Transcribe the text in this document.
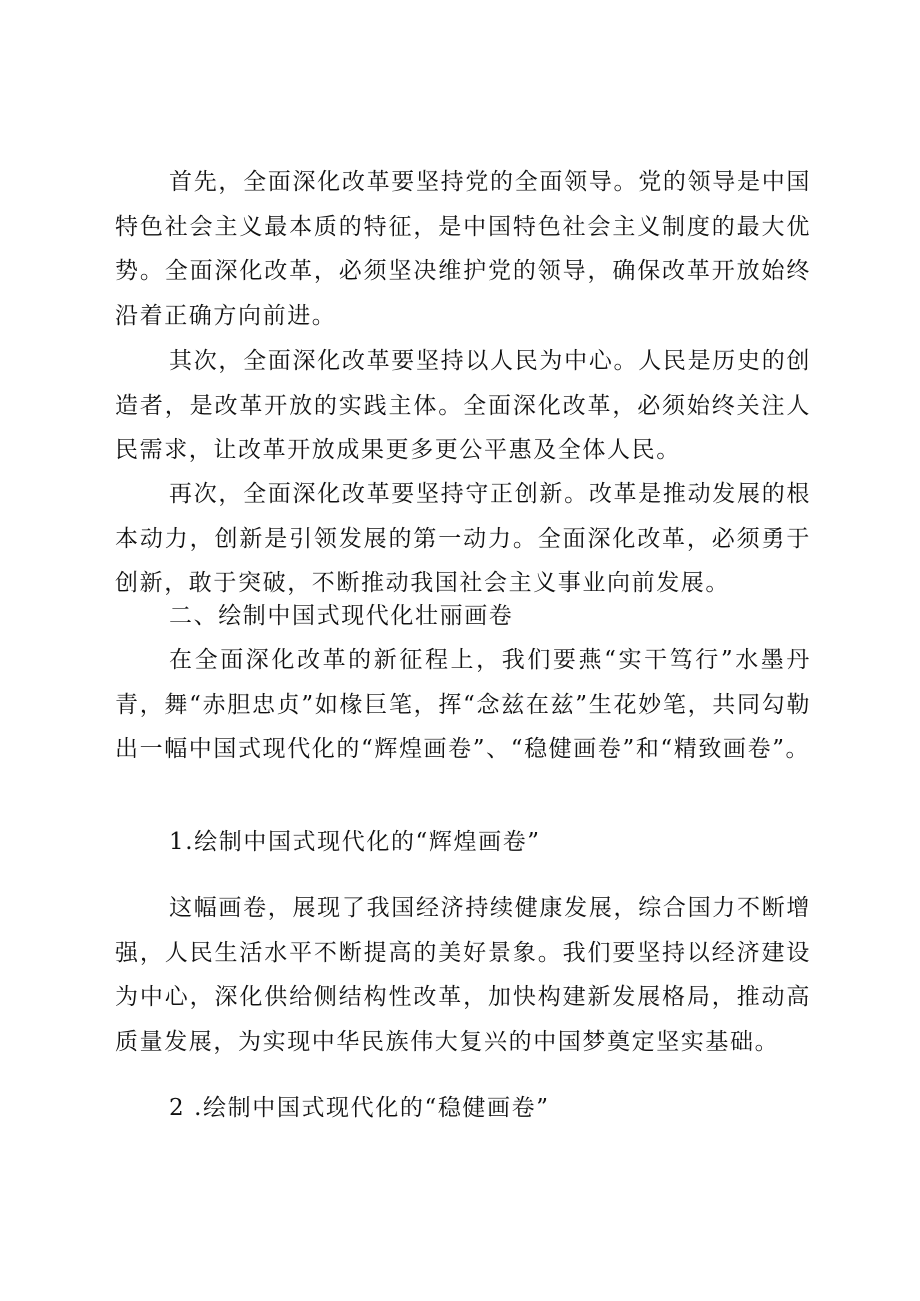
首先，全面深化改革要坚持党的全面领导。党的领导是中国特色社会主义最本质的特征，是中国特色社会主义制度的最大优势。全面深化改革，必须坚决维护党的领导，确保改革开放始终沿着正确方向前进。

其次，全面深化改革要坚持以人民为中心。人民是历史的创造者，是改革开放的实践主体。全面深化改革，必须始终关注人民需求，让改革开放成果更多更公平惠及全体人民。

再次，全面深化改革要坚持守正创新。改革是推动发展的根本动力，创新是引领发展的第一动力。全面深化改革，必须勇于创新，敢于突破，不断推动我国社会主义事业向前发展。

二、绘制中国式现代化壮丽画卷

在全面深化改革的新征程上，我们要燕“实干笃行”水墨丹青，舞“赤胆忠贞”如椽巨笔，挥“念兹在兹”生花妙笔，共同勾勒出一幅中国式现代化的“辉煌画卷”、“稳健画卷”和“精致画卷”。

1.绘制中国式现代化的“辉煌画卷”

这幅画卷，展现了我国经济持续健康发展，综合国力不断增强，人民生活水平不断提高的美好景象。我们要坚持以经济建设为中心，深化供给侧结构性改革，加快构建新发展格局，推动高质量发展，为实现中华民族伟大复兴的中国梦奠定坚实基础。

2 .绘制中国式现代化的“稳健画卷”
